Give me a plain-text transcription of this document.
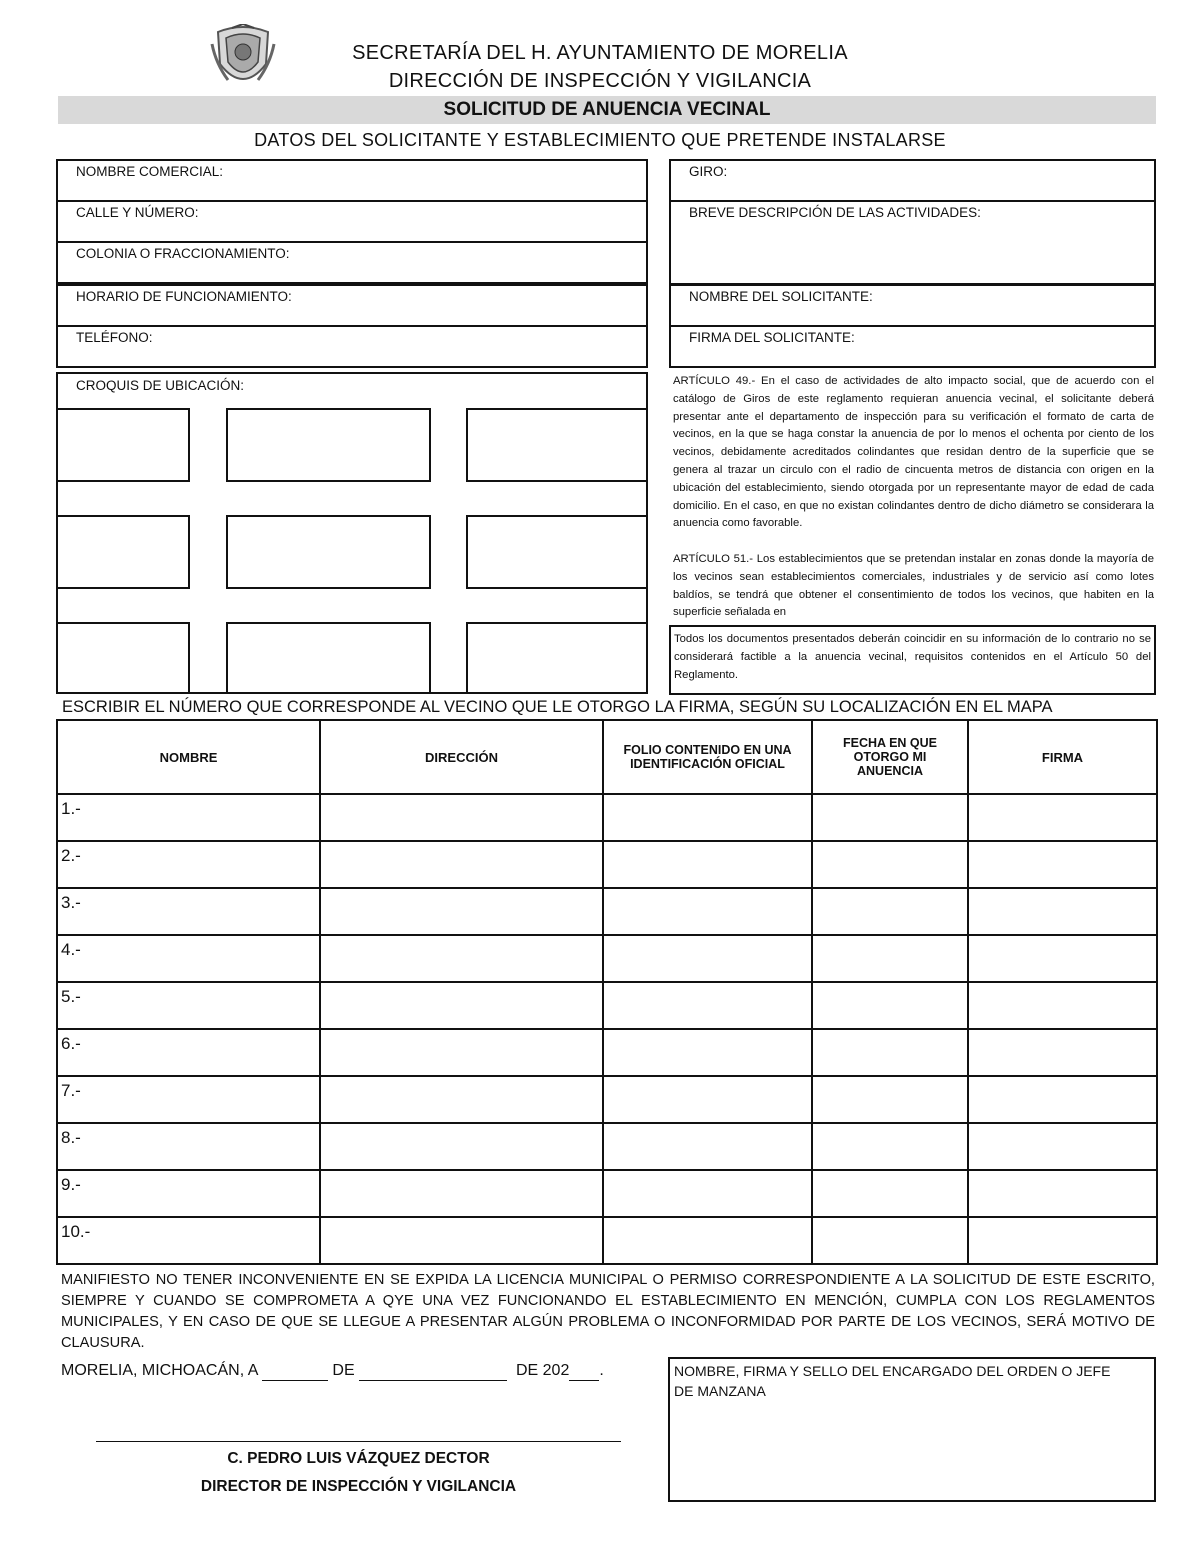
SECRETARÍA DEL H. AYUNTAMIENTO DE MORELIA
DIRECCIÓN DE INSPECCIÓN Y VIGILANCIA
SOLICITUD DE ANUENCIA VECINAL
DATOS DEL SOLICITANTE Y ESTABLECIMIENTO QUE PRETENDE INSTALARSE
NOMBRE COMERCIAL:
CALLE Y NÚMERO:
COLONIA O FRACCIONAMIENTO:
HORARIO DE FUNCIONAMIENTO:
TELÉFONO:
GIRO:
BREVE DESCRIPCIÓN DE LAS ACTIVIDADES:
NOMBRE DEL SOLICITANTE:
FIRMA DEL SOLICITANTE:
CROQUIS DE UBICACIÓN:	ARTÍCULO 49.- En el caso de actividades de alto impacto social, que de acuerdo con el catálogo de Giros de este reglamento requieran anuencia vecinal, el solicitante deberá presentar ante el departamento de inspección para su verificación el formato de carta de vecinos, en la que se haga constar la anuencia de por lo menos el ochenta por ciento de los vecinos, debidamente acreditados colindantes que residan dentro de la superficie que se genera al trazar un circulo con el radio de cincuenta metros de distancia con origen en la ubicación del establecimiento, siendo otorgada por un representante mayor de edad de cada domicilio. En el caso, en que no existan colindantes dentro de dicho diámetro se considerara la anuencia como favorable.
ARTÍCULO 51.- Los establecimientos que se pretendan instalar en zonas donde la mayoría de los vecinos sean establecimientos comerciales, industriales y de servicio así como lotes baldíos, se tendrá que obtener el consentimiento de todos los vecinos, que habiten en la superficie señalada en
Todos los documentos presentados deberán coincidir en su información de lo contrario no se considerará factible a la anuencia vecinal, requisitos contenidos en el Artículo 50 del Reglamento.
ESCRIBIR EL NÚMERO QUE CORRESPONDE AL VECINO QUE LE OTORGO LA FIRMA, SEGÚN SU LOCALIZACIÓN EN EL MAPA
NOMBRE	DIRECCIÓN	FOLIO CONTENIDO EN UNA IDENTIFICACIÓN OFICIAL	FECHA EN QUE OTORGO MI ANUENCIA	FIRMA
1.-				
2.-				
3.-				
4.-				
5.-				
6.-				
7.-				
8.-				
9.-				
10.-				
MANIFIESTO NO TENER INCONVENIENTE EN SE EXPIDA LA LICENCIA MUNICIPAL O PERMISO CORRESPONDIENTE A LA SOLICITUD DE ESTE ESCRITO, SIEMPRE Y CUANDO SE COMPROMETA A QYE UNA VEZ FUNCIONANDO EL ESTABLECIMIENTO EN MENCIÓN, CUMPLA CON LOS REGLAMENTOS MUNICIPALES, Y EN CASO DE QUE SE LLEGUE A PRESENTAR ALGÚN PROBLEMA O INCONFORMIDAD POR PARTE DE LOS VECINOS, SERÁ MOTIVO DE CLAUSURA.
MORELIA, MICHOACÁN, A	DE	DE 202 .
C. PEDRO LUIS VÁZQUEZ DECTOR
DIRECTOR DE INSPECCIÓN Y VIGILANCIA
NOMBRE, FIRMA Y SELLO DEL ENCARGADO DEL ORDEN O JEFE DE MANZANA
